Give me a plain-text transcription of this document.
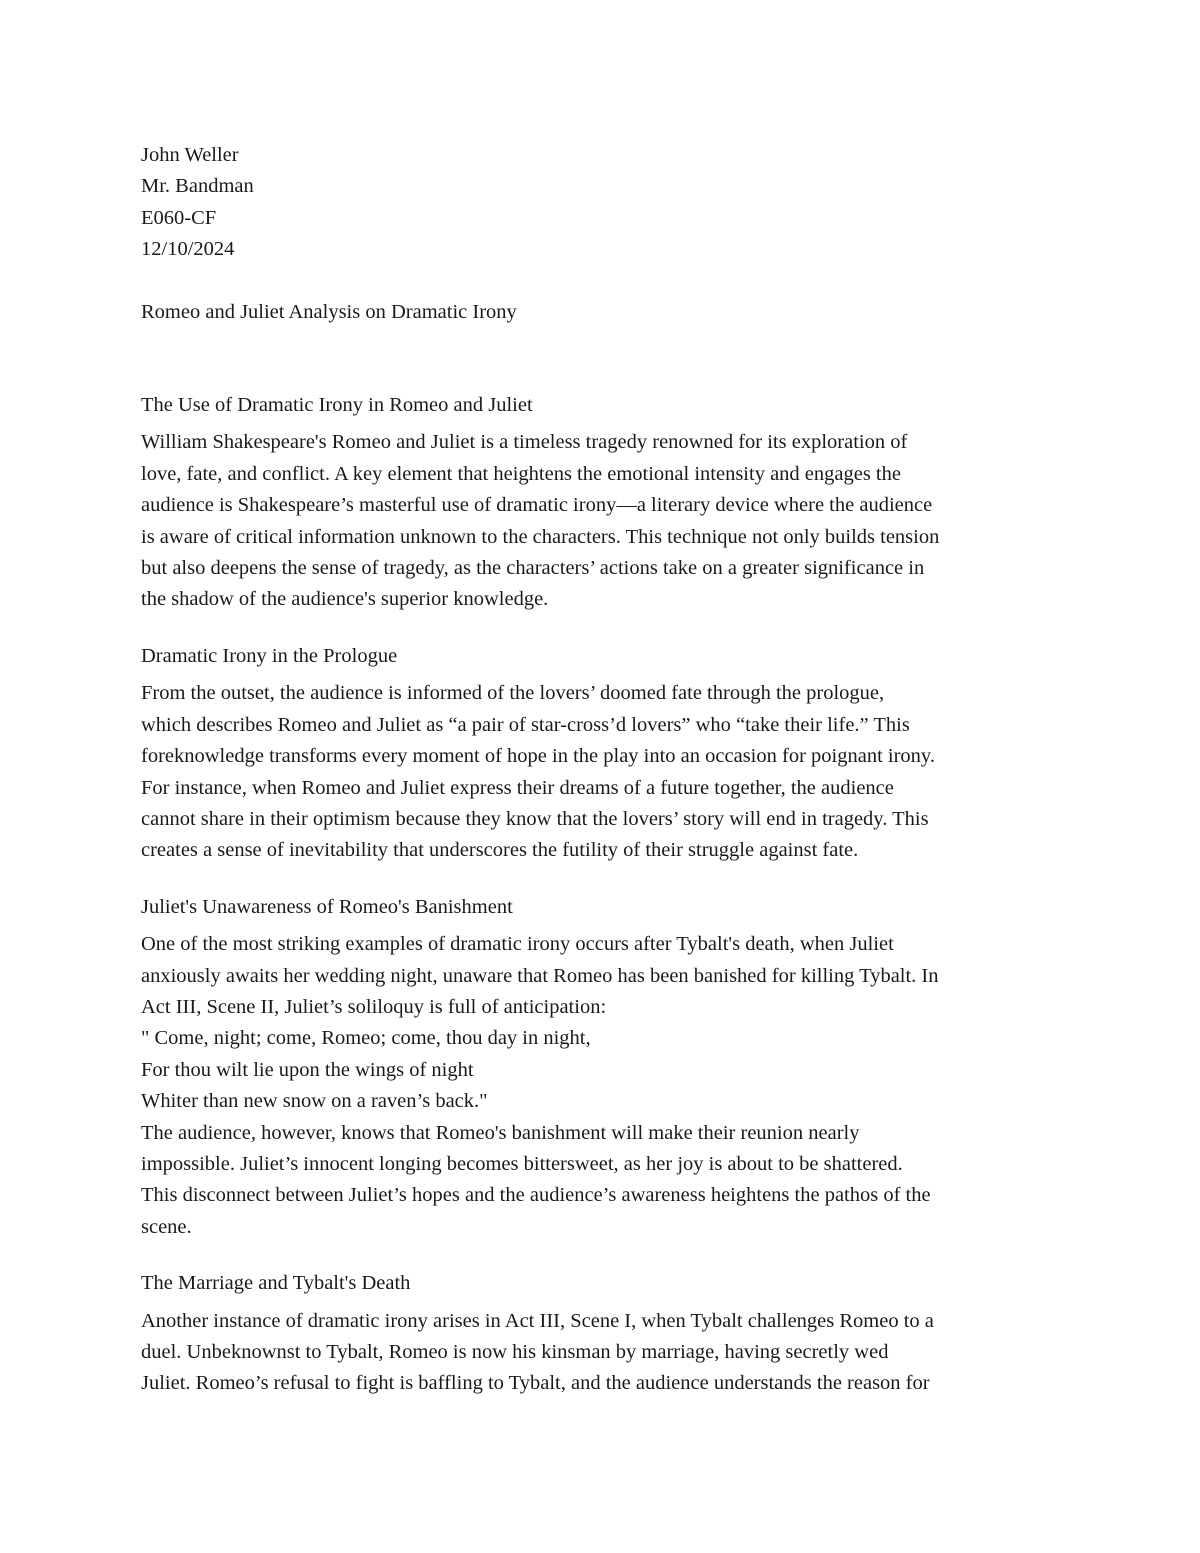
John Weller
Mr. Bandman
E060-CF
12/10/2024
Romeo and Juliet Analysis on Dramatic Irony
The Use of Dramatic Irony in Romeo and Juliet
William Shakespeare's Romeo and Juliet is a timeless tragedy renowned for its exploration of
love, fate, and conflict. A key element that heightens the emotional intensity and engages the
audience is Shakespeare’s masterful use of dramatic irony—a literary device where the audience
is aware of critical information unknown to the characters. This technique not only builds tension
but also deepens the sense of tragedy, as the characters’ actions take on a greater significance in
the shadow of the audience's superior knowledge.
Dramatic Irony in the Prologue
From the outset, the audience is informed of the lovers’ doomed fate through the prologue,
which describes Romeo and Juliet as “a pair of star-cross’d lovers” who “take their life.” This
foreknowledge transforms every moment of hope in the play into an occasion for poignant irony.
For instance, when Romeo and Juliet express their dreams of a future together, the audience
cannot share in their optimism because they know that the lovers’ story will end in tragedy. This
creates a sense of inevitability that underscores the futility of their struggle against fate.
Juliet's Unawareness of Romeo's Banishment
One of the most striking examples of dramatic irony occurs after Tybalt's death, when Juliet
anxiously awaits her wedding night, unaware that Romeo has been banished for killing Tybalt. In
Act III, Scene II, Juliet’s soliloquy is full of anticipation:
" Come, night; come, Romeo; come, thou day in night,
For thou wilt lie upon the wings of night
Whiter than new snow on a raven’s back."
The audience, however, knows that Romeo's banishment will make their reunion nearly
impossible. Juliet’s innocent longing becomes bittersweet, as her joy is about to be shattered.
This disconnect between Juliet’s hopes and the audience’s awareness heightens the pathos of the
scene.
The Marriage and Tybalt's Death
Another instance of dramatic irony arises in Act III, Scene I, when Tybalt challenges Romeo to a
duel. Unbeknownst to Tybalt, Romeo is now his kinsman by marriage, having secretly wed
Juliet. Romeo’s refusal to fight is baffling to Tybalt, and the audience understands the reason for
